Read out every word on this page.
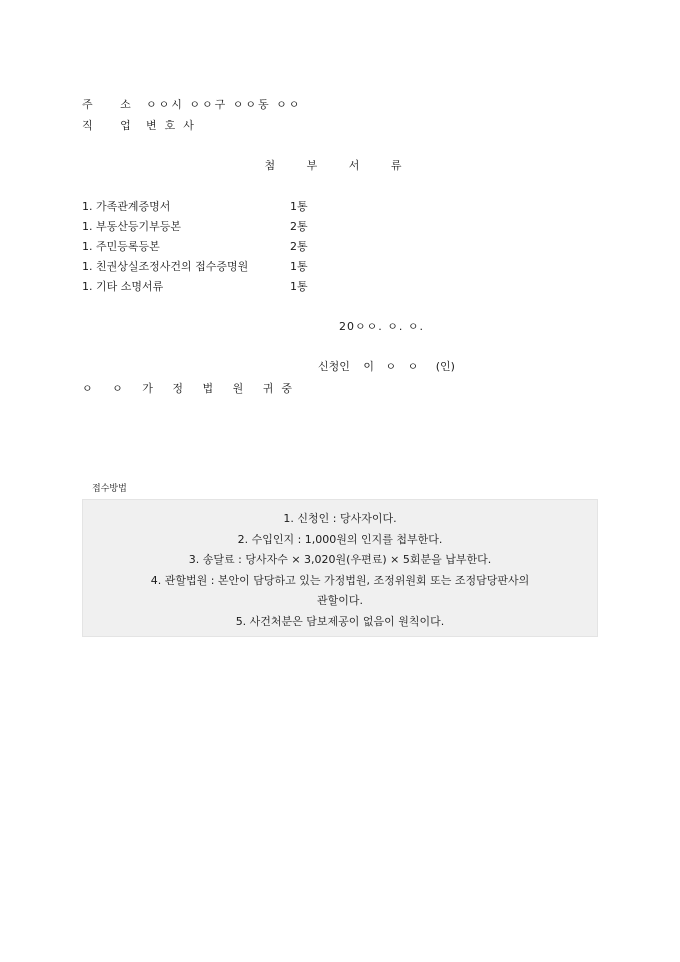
주 소 ㅇㅇ시 ㅇㅇ구 ㅇㅇ동 ㅇㅇ
직 업 변호사
첨 부 서 류
1. 가족관계증명서	1통
1. 부동산등기부등본	2통
1. 주민등록등본	2통
1. 친권상실조정사건의 접수증명원	1통
1. 기타 소명서류	1통
20ㅇㅇ. ㅇ. ㅇ.
신청인 이 ㅇ ㅇ (인)
ㅇ ㅇ 가 정 법 원 귀중
접수방법

1. 신청인 : 당사자이다.

2. 수입인지 : 1,000원의 인지를 첩부한다.

3. 송달료 : 당사자수 × 3,020원(우편료) × 5회분을 납부한다.

4. 관할법원 : 본안이 담당하고 있는 가정법원, 조정위원회 또는 조정담당판사의

관할이다.

5. 사건처분은 담보제공이 없음이 원칙이다.
